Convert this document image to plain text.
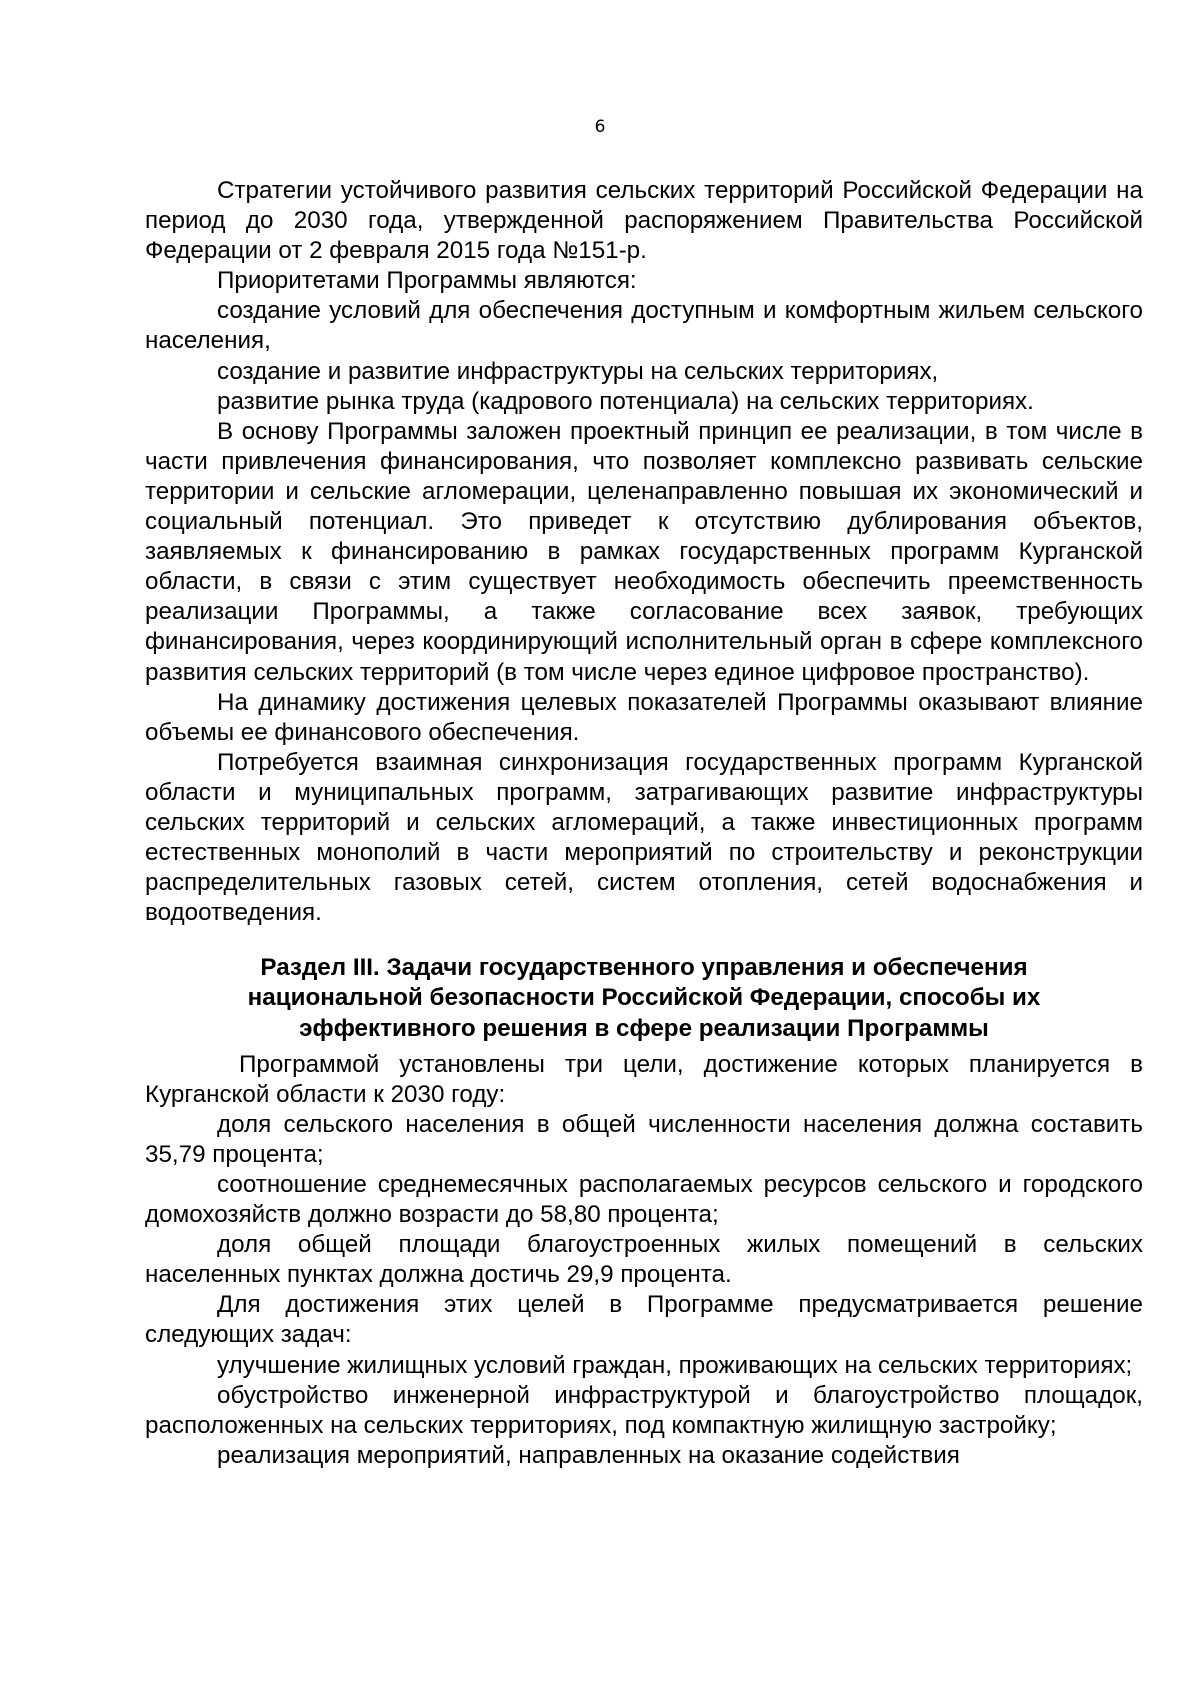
6

Стратегии устойчивого развития сельских территорий Российской Федерации на период до 2030 года, утвержденной распоряжением Правительства Российской Федерации от 2 февраля 2015 года №151-р.

Приоритетами Программы являются:

создание условий для обеспечения доступным и комфортным жильем сельского населения,

создание и развитие инфраструктуры на сельских территориях,

развитие рынка труда (кадрового потенциала) на сельских территориях.

В основу Программы заложен проектный принцип ее реализации, в том числе в части привлечения финансирования, что позволяет комплексно развивать сельские территории и сельские агломерации, целенаправленно повышая их экономический и социальный потенциал. Это приведет к отсутствию дублирования объектов, заявляемых к финансированию в рамках государственных программ Курганской области, в связи с этим существует необходимость обеспечить преемственность реализации Программы, а также согласование всех заявок, требующих финансирования, через координирующий исполнительный орган в сфере комплексного развития сельских территорий (в том числе через единое цифровое пространство).

На динамику достижения целевых показателей Программы оказывают влияние объемы ее финансового обеспечения.

Потребуется взаимная синхронизация государственных программ Курганской области и муниципальных программ, затрагивающих развитие инфраструктуры сельских территорий и сельских агломераций, а также инвестиционных программ естественных монополий в части мероприятий по строительству и реконструкции распределительных газовых сетей, систем отопления, сетей водоснабжения и водоотведения.

Раздел III. Задачи государственного управления и обеспечения национальной безопасности Российской Федерации, способы их эффективного решения в сфере реализации Программы

Программой установлены три цели, достижение которых планируется в Курганской области к 2030 году:

доля сельского населения в общей численности населения должна составить 35,79 процента;

соотношение среднемесячных располагаемых ресурсов сельского и городского домохозяйств должно возрасти до 58,80 процента;

доля общей площади благоустроенных жилых помещений в сельских населенных пунктах должна достичь 29,9 процента.

Для достижения этих целей в Программе предусматривается решение следующих задач:

улучшение жилищных условий граждан, проживающих на сельских территориях;

обустройство инженерной инфраструктурой и благоустройство площадок, расположенных на сельских территориях, под компактную жилищную застройку;

реализация мероприятий, направленных на оказание содействия
